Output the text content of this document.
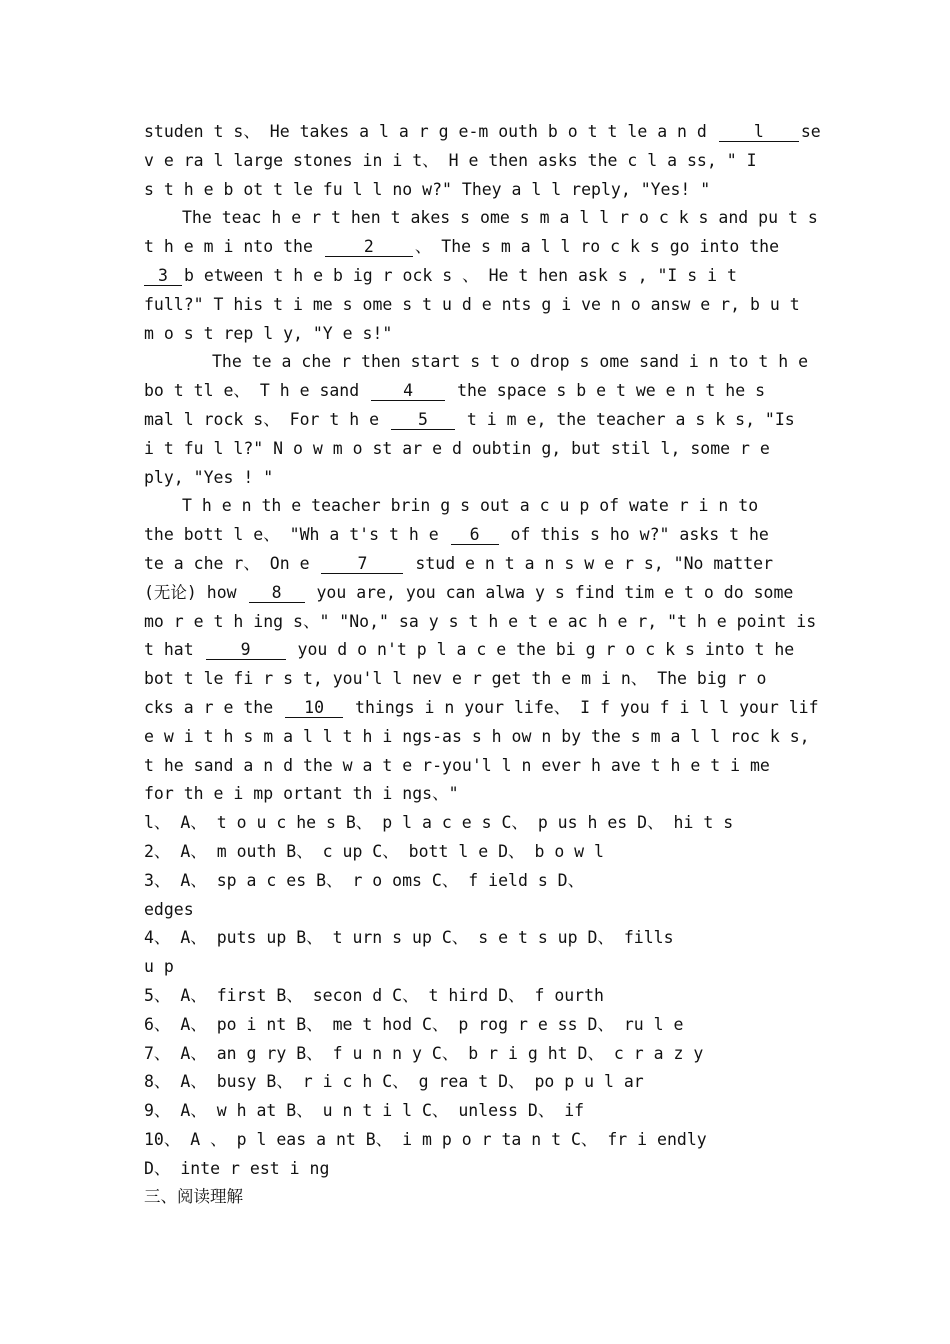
studen t s、 He takes a l a r g e-m outh b o t t le a n d	l se
v e ra l large stones in i t、 H e then asks the c l a ss, " I
s t h e b ot t le fu l l no w?" They a l l reply, "Yes! "
The teac h e r t hen t akes s ome s m a l l r o c k s and pu t s
t h e m i nto the	2 、 The s m a l l ro c k s go into the
3 b etween t h e b ig r ock s 、 He t hen ask s , "I s i t
full?" T his t i me s ome s t u d e nts g i ve n o answ e r, b u t
m o s t rep l y, "Y e s!"
The te a che r then start s t o drop s ome sand i n to t h e
bo t tl e、 T h e sand	4	the space s b e t we e n t he s
mal l rock s、 For t h e 5 t i m e, the teacher a s k s, "Is
i t fu l l?" N o w m o st ar e d oubtin g, but stil l, some r e
ply, "Yes ! "
T h e n th e teacher brin g s out a c u p of wate r i n to
the bott l e、 "Wh a t's t h e 6 of this s ho w?" asks t he
te a che r、 On e	7	stud e n t a n s w e r s, "No matter
(无论) how 8 you are, you can alwa y s find tim e t o do some
mo r e t h ing s、" "No," sa y s t h e t e ac h e r, "t h e point is
t hat	9	you d o n't p l a c e the bi g r o c k s into t he
bot t le fi r s t, you'l l nev e r get th e m i n、 The big r o
cks a r e the 10 things i n your life、 I f you f i l l your lif
e w i t h s m a l l t h i ngs-as s h ow n by the s m a l l roc k s,
t he sand a n d the w a t e r-you'l l n ever h ave t h e t i me
for th e i mp ortant th i ngs、"
l、 A、 t o u c he s B、 p l a c e s C、 p us h es D、 hi t s
2、 A、 m outh B、 c up C、 bott l e D、 b o w l
3、 A、 sp a c es B、 r o oms C、 f ield s D、
edges
4、 A、 puts up B、 t urn s up C、 s e t s up D、 fills
u p
5、 A、 first B、 secon d C、 t hird D、 f ourth
6、 A、 po i nt B、 me t hod C、 p rog r e ss D、 ru l e
7、 A、 an g ry B、 f u n n y C、 b r i g ht D、 c r a z y
8、 A、 busy B、 r i c h C、 g rea t D、 po p u l ar
9、 A、 w h at B、 u n t i l C、 unless D、 if
10、 A 、 p l eas a nt B、 i m p o r ta n t C、 fr i endly
D、 inte r est i ng
三、阅读理解
